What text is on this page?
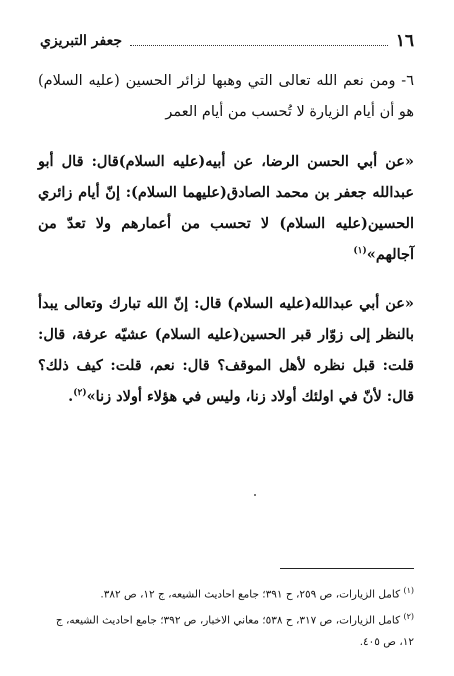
١٦
جعفر التبريزي

٦- ومن نعم الله تعالى التي وهبها لزائر الحسين (عليه السلام) هو أن أيام الزيارة لا تُحسب من أيام العمر

«عن أبي الحسن الرضا، عن أبيه(عليه السلام)قال: قال أبو عبدالله جعفر بن محمد الصادق(عليهما السلام): إنّ أيام زائري الحسين(عليه السلام) لا تحسب من أعمارهم ولا تعدّ من آجالهم»$^{(١)}$

«عن أبي عبدالله(عليه السلام) قال: إنّ الله تبارك وتعالى يبدأ بالنظر إلى زوّار قبر الحسين(عليه السلام) عشيّه عرفة، قال: قلت: قبل نظره لأهل الموقف؟ قال: نعم، قلت: كيف ذلك؟ قال: لأنّ في اولئك أولاد زنا، وليس في هؤلاء أولاد زنا»$^{(٢)}$.

$^{(١)}$ كامل الزيارات، ص ٢٥٩، ح ٣٩١؛ جامع احاديث الشيعه، ج ١٢، ص ٣٨٢.

$^{(٢)}$ كامل الزيارات، ص ٣١٧، ح ٥٣٨؛ معاني الاخبار، ص ٣٩٢؛ جامع احاديث الشيعه، ج ١٢، ص ٤٠٥.
